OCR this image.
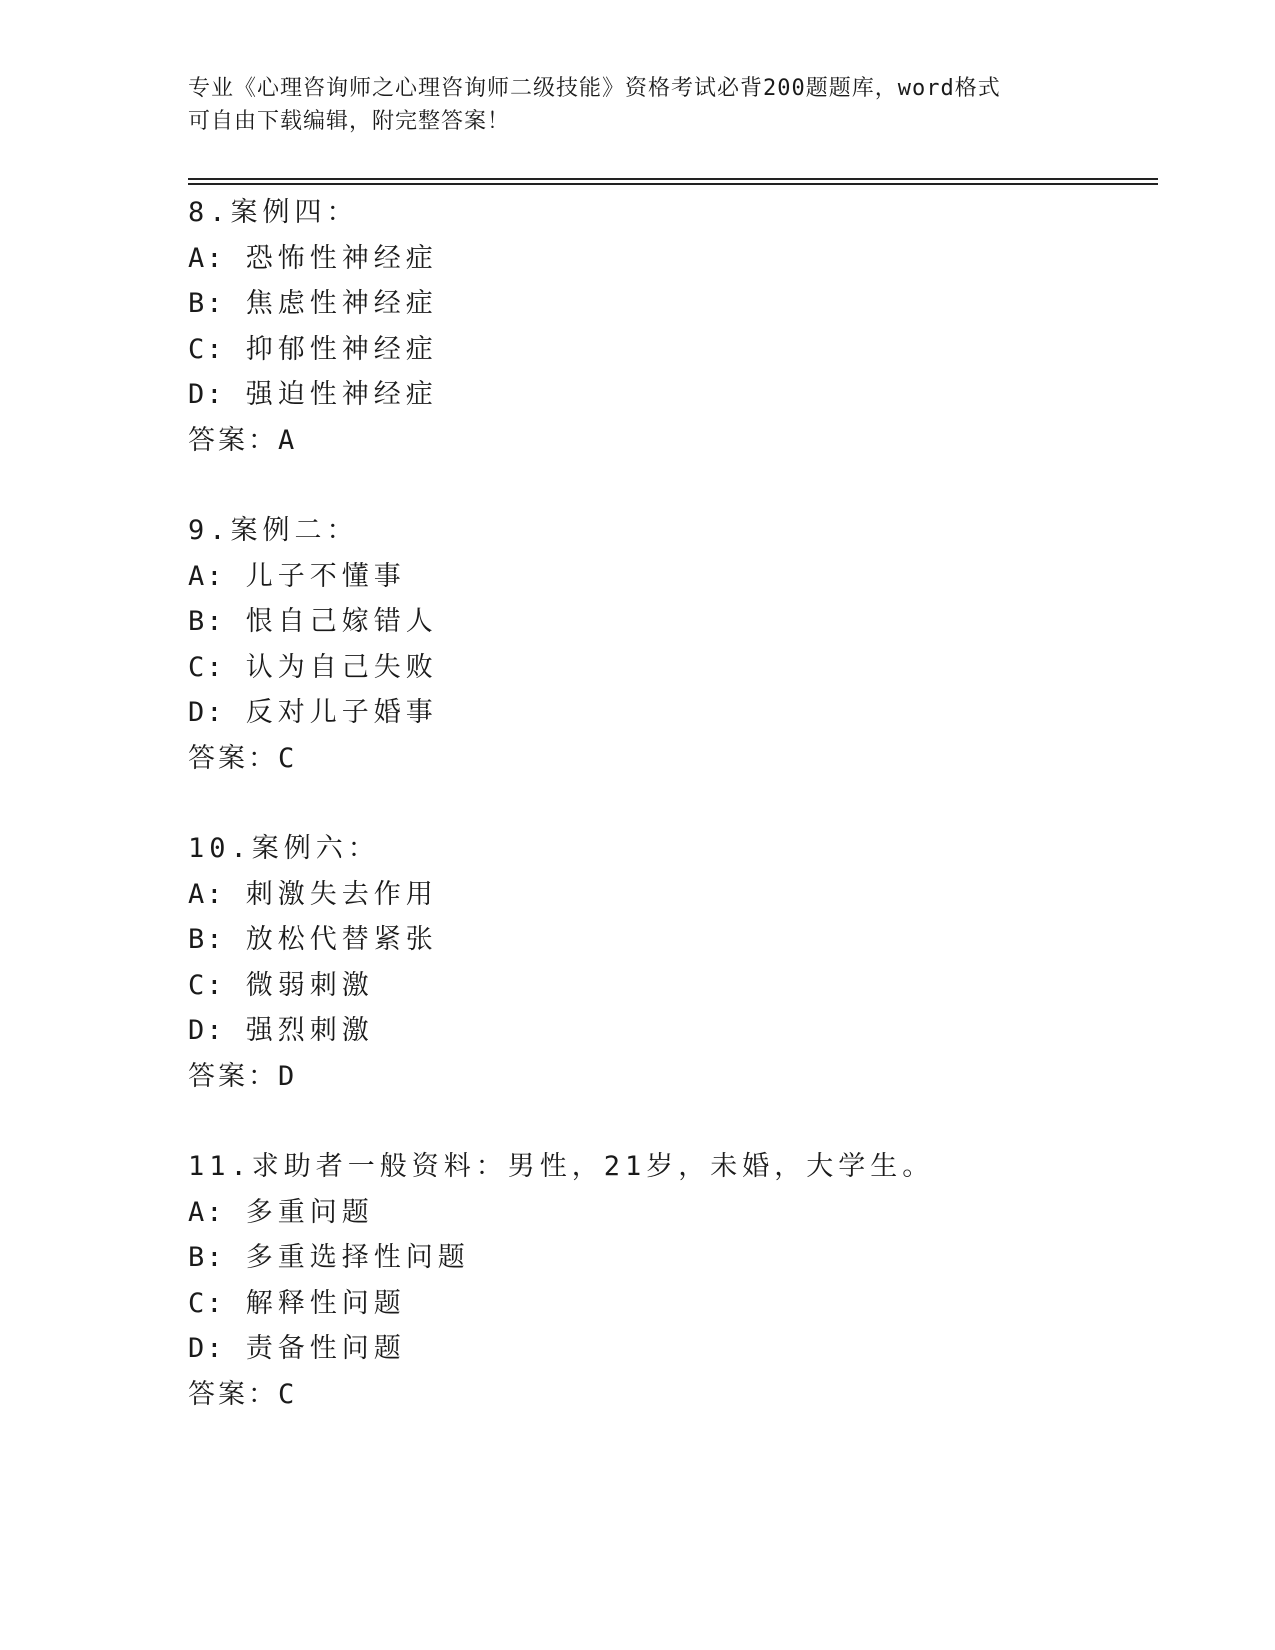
专业《心理咨询师之心理咨询师二级技能》资格考试必背200题题库，word格式
可自由下载编辑，附完整答案！
8.案例四：
A: 恐怖性神经症
B: 焦虑性神经症
C: 抑郁性神经症
D: 强迫性神经症
答案：A
9.案例二：
A: 儿子不懂事
B: 恨自己嫁错人
C: 认为自己失败
D: 反对儿子婚事
答案：C
10.案例六：
A: 刺激失去作用
B: 放松代替紧张
C: 微弱刺激
D: 强烈刺激
答案：D
11.求助者一般资料：男性，21岁，未婚，大学生。
A: 多重问题
B: 多重选择性问题
C: 解释性问题
D: 责备性问题
答案：C
